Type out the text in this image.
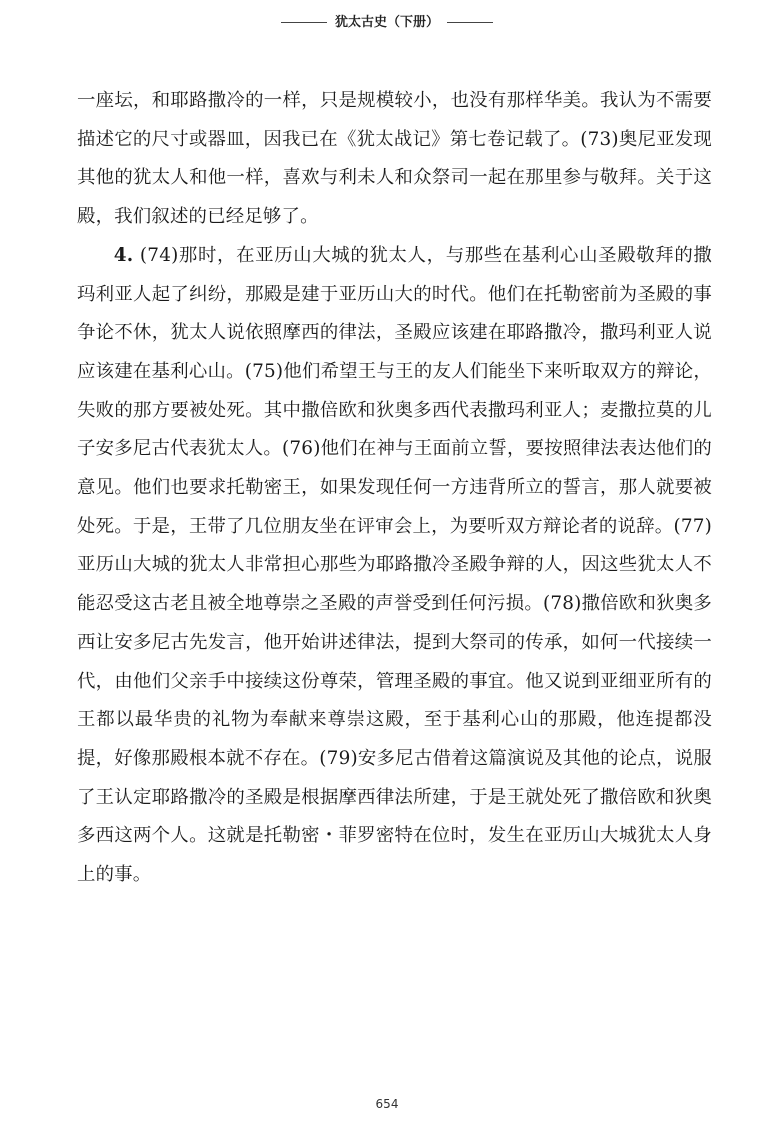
犹太古史（下册）

一座坛，和耶路撒冷的一样，只是规模较小，也没有那样华美。我认为不需要描述它的尺寸或器皿，因我已在《犹太战记》第七卷记载了。(73)奥尼亚发现其他的犹太人和他一样，喜欢与利未人和众祭司一起在那里参与敬拜。关于这殿，我们叙述的已经足够了。

4. (74)那时，在亚历山大城的犹太人，与那些在基利心山圣殿敬拜的撒玛利亚人起了纠纷，那殿是建于亚历山大的时代。他们在托勒密前为圣殿的事争论不休，犹太人说依照摩西的律法，圣殿应该建在耶路撒冷，撒玛利亚人说应该建在基利心山。(75)他们希望王与王的友人们能坐下来听取双方的辩论，失败的那方要被处死。其中撒倍欧和狄奥多西代表撒玛利亚人；麦撒拉莫的儿子安多尼古代表犹太人。(76)他们在神与王面前立誓，要按照律法表达他们的意见。他们也要求托勒密王，如果发现任何一方违背所立的誓言，那人就要被处死。于是，王带了几位朋友坐在评审会上，为要听双方辩论者的说辞。(77)亚历山大城的犹太人非常担心那些为耶路撒冷圣殿争辩的人，因这些犹太人不能忍受这古老且被全地尊崇之圣殿的声誉受到任何污损。(78)撒倍欧和狄奥多西让安多尼古先发言，他开始讲述律法，提到大祭司的传承，如何一代接续一代，由他们父亲手中接续这份尊荣，管理圣殿的事宜。他又说到亚细亚所有的王都以最华贵的礼物为奉献来尊崇这殿，至于基利心山的那殿，他连提都没提，好像那殿根本就不存在。(79)安多尼古借着这篇演说及其他的论点，说服了王认定耶路撒冷的圣殿是根据摩西律法所建，于是王就处死了撒倍欧和狄奥多西这两个人。这就是托勒密・菲罗密特在位时，发生在亚历山大城犹太人身上的事。

654
